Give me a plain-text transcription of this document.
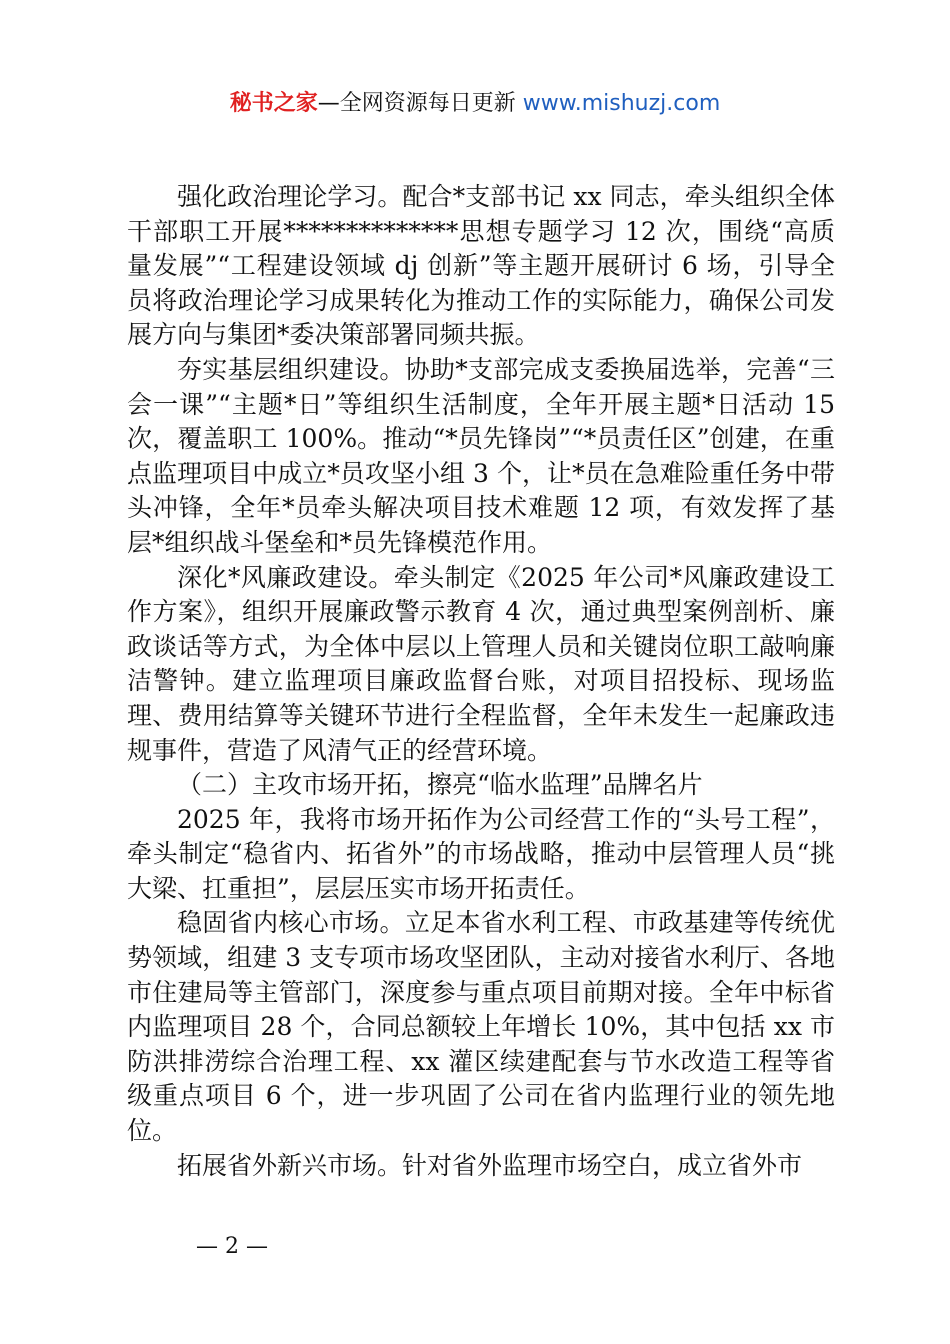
秘书之家—全网资源每日更新 www.mishuzj.com

强化政治理论学习。配合*支部书记 xx 同志，牵头组织全体干部职工开展**************思想专题学习 12 次，围绕“高质量发展”“工程建设领域 dj 创新”等主题开展研讨 6 场，引导全员将政治理论学习成果转化为推动工作的实际能力，确保公司发展方向与集团*委决策部署同频共振。

夯实基层组织建设。协助*支部完成支委换届选举，完善“三会一课”“主题*日”等组织生活制度，全年开展主题*日活动 15 次，覆盖职工 100%。推动“*员先锋岗”“*员责任区”创建，在重点监理项目中成立*员攻坚小组 3 个，让*员在急难险重任务中带头冲锋，全年*员牵头解决项目技术难题 12 项，有效发挥了基层*组织战斗堡垒和*员先锋模范作用。

深化*风廉政建设。牵头制定《2025 年公司*风廉政建设工作方案》，组织开展廉政警示教育 4 次，通过典型案例剖析、廉政谈话等方式，为全体中层以上管理人员和关键岗位职工敲响廉洁警钟。建立监理项目廉政监督台账，对项目招投标、现场监理、费用结算等关键环节进行全程监督，全年未发生一起廉政违规事件，营造了风清气正的经营环境。

（二）主攻市场开拓，擦亮“临水监理”品牌名片

2025 年，我将市场开拓作为公司经营工作的“头号工程”，牵头制定“稳省内、拓省外”的市场战略，推动中层管理人员“挑大梁、扛重担”，层层压实市场开拓责任。

稳固省内核心市场。立足本省水利工程、市政基建等传统优势领域，组建 3 支专项市场攻坚团队，主动对接省水利厅、各地市住建局等主管部门，深度参与重点项目前期对接。全年中标省内监理项目 28 个，合同总额较上年增长 10%，其中包括 xx 市防洪排涝综合治理工程、xx 灌区续建配套与节水改造工程等省级重点项目 6 个，进一步巩固了公司在省内监理行业的领先地位。

拓展省外新兴市场。针对省外监理市场空白，成立省外市

— 2 —
